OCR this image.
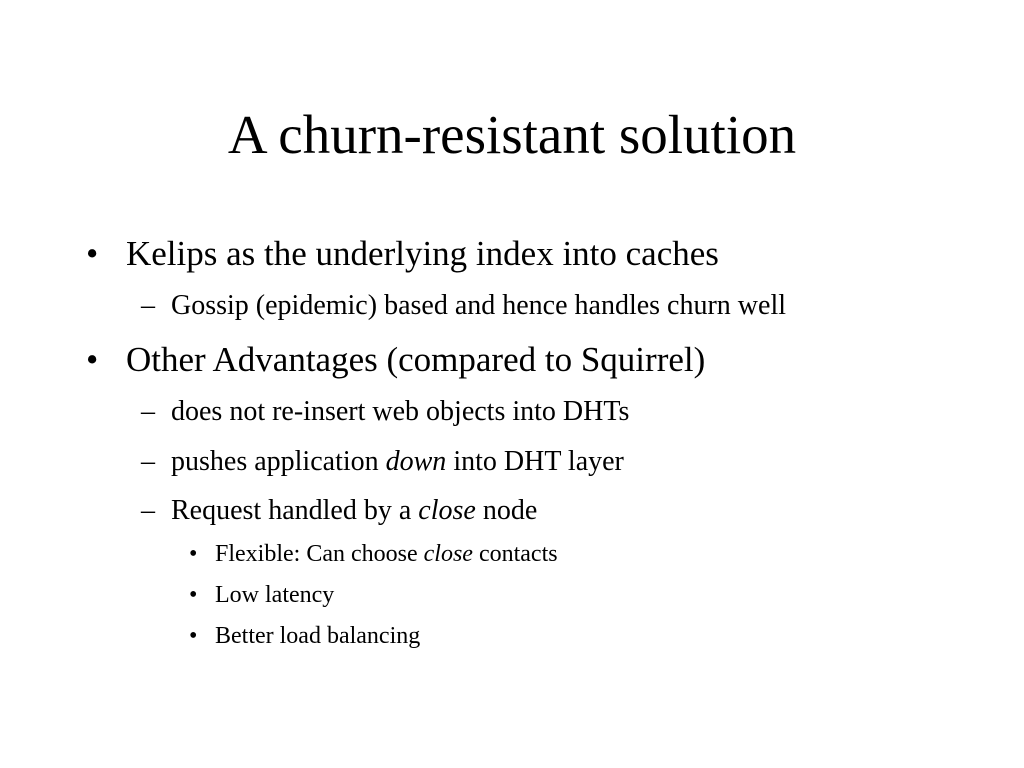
A churn-resistant solution
• Kelips as the underlying index into caches
– Gossip (epidemic) based and hence handles churn well
• Other Advantages (compared to Squirrel)
– does not re-insert web objects into DHTs
– pushes application down into DHT layer
– Request handled by a close node
• Flexible: Can choose close contacts
• Low latency
• Better load balancing
